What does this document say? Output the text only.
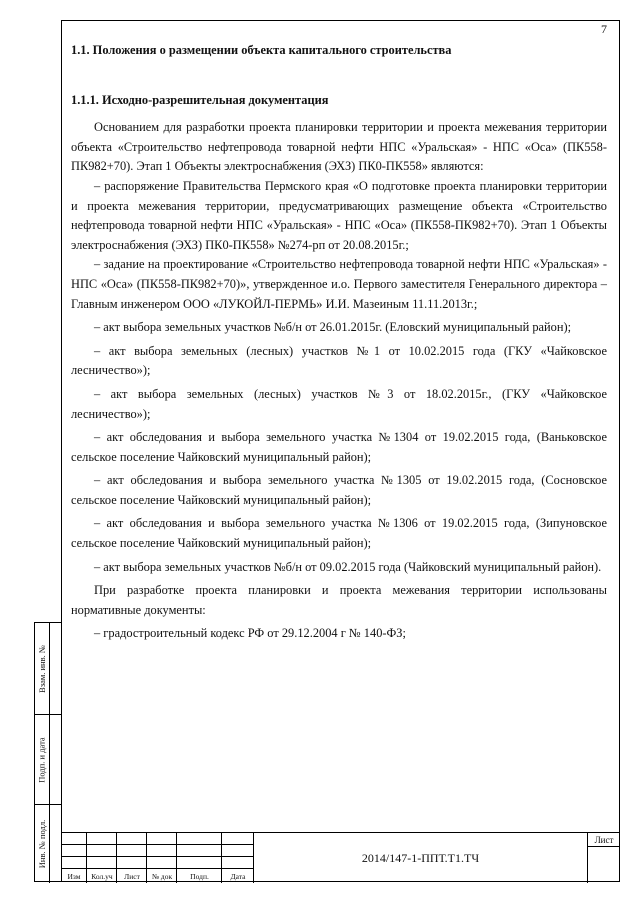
7
1.1. Положения о размещении объекта капитального строительства
1.1.1. Исходно-разрешительная документация

Основанием для разработки проекта планировки территории и проекта межевания территории объекта «Строительство нефтепровода товарной нефти НПС «Уральская» - НПС «Оса» (ПК558-ПК982+70). Этап 1 Объекты электроснабжения (ЭХЗ) ПК0-ПК558» являются:

– распоряжение Правительства Пермского края «О подготовке проекта планировки территории и проекта межевания территории, предусматривающих размещение объекта «Строительство нефтепровода товарной нефти НПС «Уральская» - НПС «Оса» (ПК558-ПК982+70). Этап 1 Объекты электроснабжения (ЭХЗ) ПК0-ПК558» №274-рп от 20.08.2015г.;

– задание на проектирование «Строительство нефтепровода товарной нефти НПС «Уральская» - НПС «Оса» (ПК558-ПК982+70)», утвержденное и.о. Первого заместителя Генерального директора – Главным инженером ООО «ЛУКОЙЛ-ПЕРМЬ» И.И. Мазеиным 11.11.2013г.;

– акт выбора земельных участков №б/н от 26.01.2015г. (Еловский муниципальный район);

– акт выбора земельных (лесных) участков №1 от 10.02.2015 года (ГКУ «Чайковское лесничество»);

– акт выбора земельных (лесных) участков №3 от 18.02.2015г., (ГКУ «Чайковское лесничество»);

– акт обследования и выбора земельного участка №1304 от 19.02.2015 года, (Ваньковское сельское поселение Чайковский муниципальный район);

– акт обследования и выбора земельного участка №1305 от 19.02.2015 года, (Сосновское сельское поселение Чайковский муниципальный район);

– акт обследования и выбора земельного участка №1306 от 19.02.2015 года, (Зипуновское сельское поселение Чайковский муниципальный район);

– акт выбора земельных участков №б/н от 09.02.2015 года (Чайковский муниципальный район).

При разработке проекта планировки и проекта межевания территории использованы нормативные документы:

– градостроительный кодекс РФ от 29.12.2004 г № 140-ФЗ;

Взам. инв. №
Подп. и дата
Инв. № подл.
Изм	Кол.уч	Лист	№ док	Подп.	Дата
2014/147-1-ППТ.Т1.ТЧ
Лист
